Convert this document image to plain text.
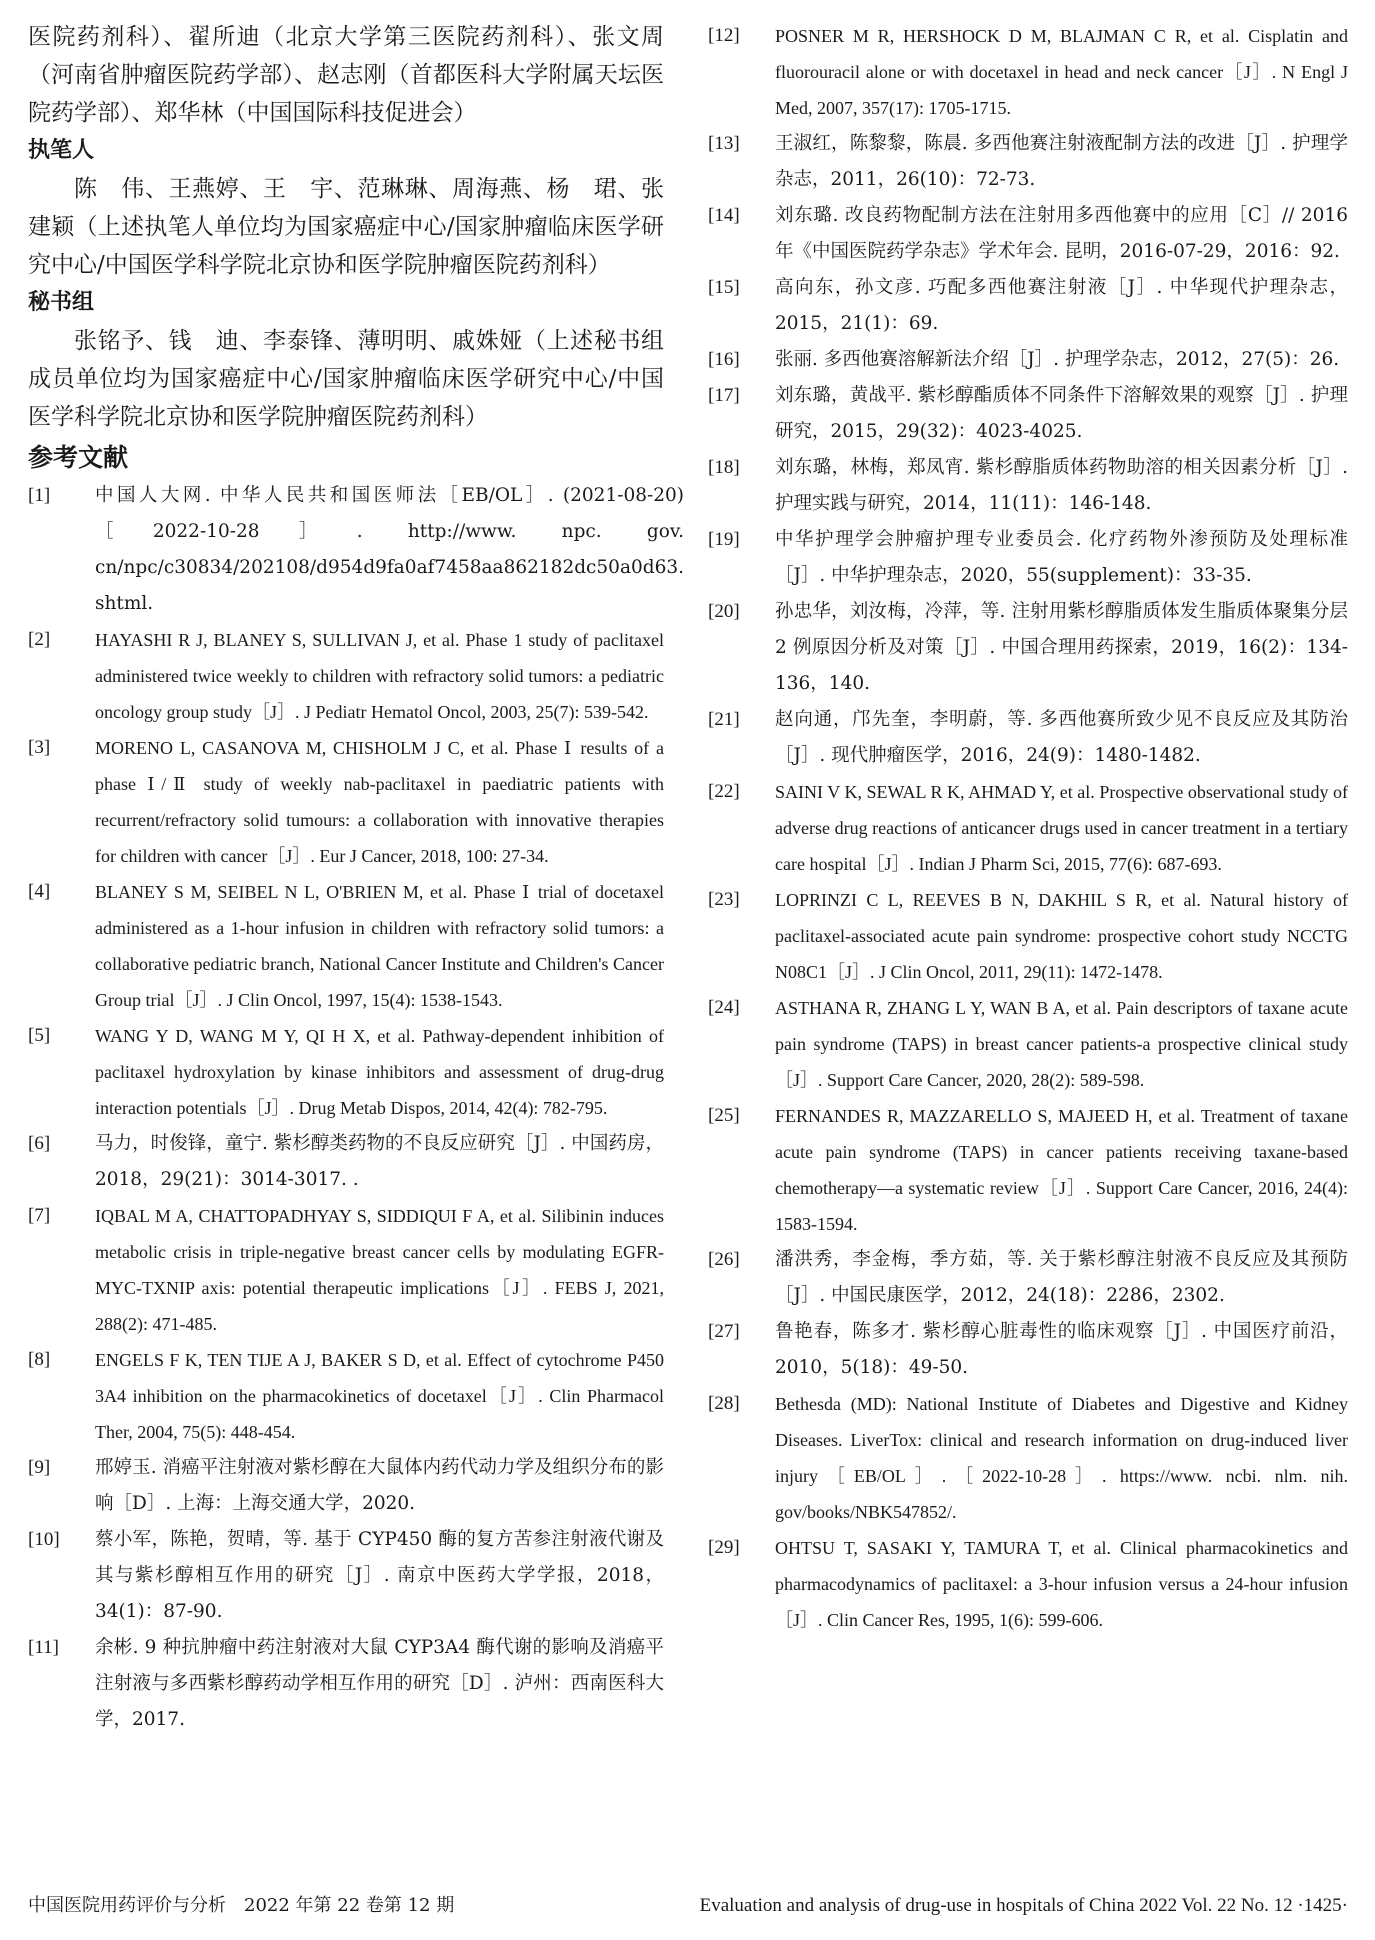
医院药剂科）、翟所迪（北京大学第三医院药剂科）、张文周（河南省肿瘤医院药学部）、赵志刚（首都医科大学附属天坛医院药学部）、郑华林（中国国际科技促进会）

执笔人

陈　伟、王燕婷、王　宇、范琳琳、周海燕、杨　珺、张建颖（上述执笔人单位均为国家癌症中心/国家肿瘤临床医学研究中心/中国医学科学院北京协和医学院肿瘤医院药剂科）

秘书组

张铭予、钱　迪、李泰锋、薄明明、戚姝娅（上述秘书组成员单位均为国家癌症中心/国家肿瘤临床医学研究中心/中国医学科学院北京协和医学院肿瘤医院药剂科）

参考文献

[1]	中国人大网. 中华人民共和国医师法［EB/OL］. (2021-08-20)［2022-10-28］. http://www. npc. gov. cn/npc/c30834/202108/d954d9fa0af7458aa862182dc50a0d63. shtml.
[2]	HAYASHI R J, BLANEY S, SULLIVAN J, et al. Phase 1 study of paclitaxel administered twice weekly to children with refractory solid tumors: a pediatric oncology group study［J］. J Pediatr Hematol Oncol, 2003, 25(7): 539-542.
[3]	MORENO L, CASANOVA M, CHISHOLM J C, et al. Phase Ⅰ results of a phase Ⅰ/Ⅱ study of weekly nab-paclitaxel in paediatric patients with recurrent/refractory solid tumours: a collaboration with innovative therapies for children with cancer［J］. Eur J Cancer, 2018, 100: 27-34.
[4]	BLANEY S M, SEIBEL N L, O'BRIEN M, et al. Phase Ⅰ trial of docetaxel administered as a 1-hour infusion in children with refractory solid tumors: a collaborative pediatric branch, National Cancer Institute and Children's Cancer Group trial［J］. J Clin Oncol, 1997, 15(4): 1538-1543.
[5]	WANG Y D, WANG M Y, QI H X, et al. Pathway-dependent inhibition of paclitaxel hydroxylation by kinase inhibitors and assessment of drug-drug interaction potentials［J］. Drug Metab Dispos, 2014, 42(4): 782-795.
[6]	马力，时俊锋，童宁. 紫杉醇类药物的不良反应研究［J］. 中国药房，2018，29(21)：3014-3017. .
[7]	IQBAL M A, CHATTOPADHYAY S, SIDDIQUI F A, et al. Silibinin induces metabolic crisis in triple-negative breast cancer cells by modulating EGFR-MYC-TXNIP axis: potential therapeutic implications［J］. FEBS J, 2021, 288(2): 471-485.
[8]	ENGELS F K, TEN TIJE A J, BAKER S D, et al. Effect of cytochrome P450 3A4 inhibition on the pharmacokinetics of docetaxel［J］. Clin Pharmacol Ther, 2004, 75(5): 448-454.
[9]	邢婷玉. 消癌平注射液对紫杉醇在大鼠体内药代动力学及组织分布的影响［D］. 上海：上海交通大学，2020.
[10]	蔡小军，陈艳，贺晴，等. 基于 CYP450 酶的复方苦参注射液代谢及其与紫杉醇相互作用的研究［J］. 南京中医药大学学报，2018，34(1)：87-90.
[11]	余彬. 9 种抗肿瘤中药注射液对大鼠 CYP3A4 酶代谢的影响及消癌平注射液与多西紫杉醇药动学相互作用的研究［D］. 泸州：西南医科大学，2017.
[12]	POSNER M R, HERSHOCK D M, BLAJMAN C R, et al. Cisplatin and fluorouracil alone or with docetaxel in head and neck cancer［J］. N Engl J Med, 2007, 357(17): 1705-1715.
[13]	王淑红，陈黎黎，陈晨. 多西他赛注射液配制方法的改进［J］. 护理学杂志，2011，26(10)：72-73.
[14]	刘东璐. 改良药物配制方法在注射用多西他赛中的应用［C］// 2016 年《中国医院药学杂志》学术年会. 昆明，2016-07-29，2016：92.
[15]	高向东，孙文彦. 巧配多西他赛注射液［J］. 中华现代护理杂志，2015，21(1)：69.
[16]	张丽. 多西他赛溶解新法介绍［J］. 护理学杂志，2012，27(5)：26.
[17]	刘东璐，黄战平. 紫杉醇酯质体不同条件下溶解效果的观察［J］. 护理研究，2015，29(32)：4023-4025.
[18]	刘东璐，林梅，郑凤宵. 紫杉醇脂质体药物助溶的相关因素分析［J］. 护理实践与研究，2014，11(11)：146-148.
[19]	中华护理学会肿瘤护理专业委员会. 化疗药物外渗预防及处理标准［J］. 中华护理杂志，2020，55(supplement)：33-35.
[20]	孙忠华，刘汝梅，冷萍，等. 注射用紫杉醇脂质体发生脂质体聚集分层 2 例原因分析及对策［J］. 中国合理用药探索，2019，16(2)：134-136，140.
[21]	赵向通，邝先奎，李明蔚，等. 多西他赛所致少见不良反应及其防治［J］. 现代肿瘤医学，2016，24(9)：1480-1482.
[22]	SAINI V K, SEWAL R K, AHMAD Y, et al. Prospective observational study of adverse drug reactions of anticancer drugs used in cancer treatment in a tertiary care hospital［J］. Indian J Pharm Sci, 2015, 77(6): 687-693.
[23]	LOPRINZI C L, REEVES B N, DAKHIL S R, et al. Natural history of paclitaxel-associated acute pain syndrome: prospective cohort study NCCTG N08C1［J］. J Clin Oncol, 2011, 29(11): 1472-1478.
[24]	ASTHANA R, ZHANG L Y, WAN B A, et al. Pain descriptors of taxane acute pain syndrome (TAPS) in breast cancer patients-a prospective clinical study［J］. Support Care Cancer, 2020, 28(2): 589-598.
[25]	FERNANDES R, MAZZARELLO S, MAJEED H, et al. Treatment of taxane acute pain syndrome (TAPS) in cancer patients receiving taxane-based chemotherapy—a systematic review［J］. Support Care Cancer, 2016, 24(4): 1583-1594.
[26]	潘洪秀，李金梅，季方茹，等. 关于紫杉醇注射液不良反应及其预防［J］. 中国民康医学，2012，24(18)：2286，2302.
[27]	鲁艳春，陈多才. 紫杉醇心脏毒性的临床观察［J］. 中国医疗前沿，2010，5(18)：49-50.
[28]	Bethesda (MD): National Institute of Diabetes and Digestive and Kidney Diseases. LiverTox: clinical and research information on drug-induced liver injury［EB/OL］.［2022-10-28］. https://www. ncbi. nlm. nih. gov/books/NBK547852/.
[29]	OHTSU T, SASAKI Y, TAMURA T, et al. Clinical pharmacokinetics and pharmacodynamics of paclitaxel: a 3-hour infusion versus a 24-hour infusion［J］. Clin Cancer Res, 1995, 1(6): 599-606.
中国医院用药评价与分析　2022 年第 22 卷第 12 期	Evaluation and analysis of drug-use in hospitals of China 2022 Vol. 22 No. 12 ·1425·
